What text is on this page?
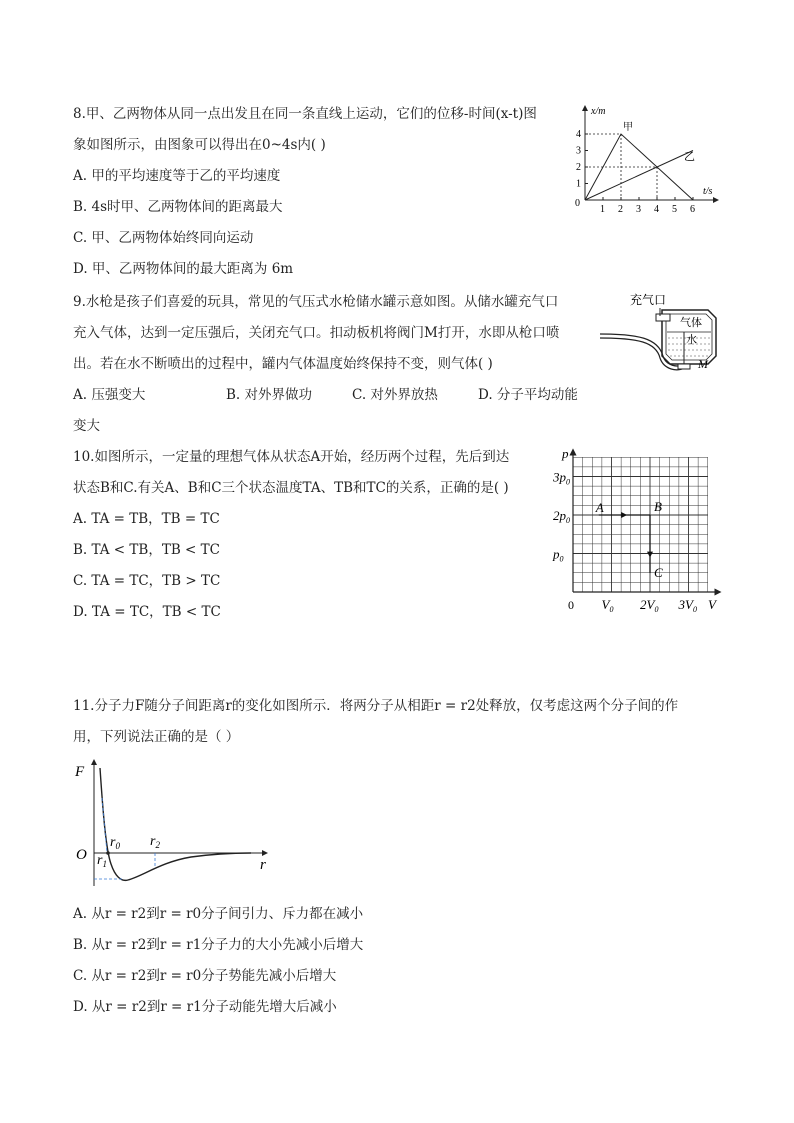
8.甲、乙两物体从同一点出发且在同一条直线上运动，它们的位移-时间(x-t)图
象如图所示，由图象可以得出在0~4s内( )
A. 甲的平均速度等于乙的平均速度
B. 4s时甲、乙两物体间的距离最大
C. 甲、乙两物体始终同向运动
D. 甲、乙两物体间的最大距离为 6m
x/m
t/s
0
1
2
3
4
1 2 3 4 5 6
甲
乙
9.水枪是孩子们喜爱的玩具，常见的气压式水枪储水罐示意如图。从储水罐充气口
充入气体，达到一定压强后，关闭充气口。扣动板机将阀门M打开，水即从枪口喷
出。若在水不断喷出的过程中，罐内气体温度始终保持不变，则气体( )
A. 压强变大	B. 对外界做功	C. 对外界放热	D. 分子平均动能
变大
充气口
气体
水
M
10.如图所示，一定量的理想气体从状态A开始，经历两个过程，先后到达
状态B和C.有关A、B和C三个状态温度TA、TB和TC的关系，正确的是( )
A. TA = TB，TB = TC
B. TA < TB，TB < TC
C. TA = TC，TB > TC
D. TA = TC，TB < TC
p
V
0
$p_0$
$2p_0$
$3p_0$
$V_0$ $2V_0$ $3V_0$
A	B
C
11.分子力F随分子间距离r的变化如图所示．将两分子从相距r = r2处释放，仅考虑这两个分子间的作
用，下列说法正确的是（ ）
F
r
O
$r_0$
$r_1$
$r_2$
A. 从r = r2到r = r0分子间引力、斥力都在减小
B. 从r = r2到r = r1分子力的大小先减小后增大
C. 从r = r2到r = r0分子势能先减小后增大
D. 从r = r2到r = r1分子动能先增大后减小
